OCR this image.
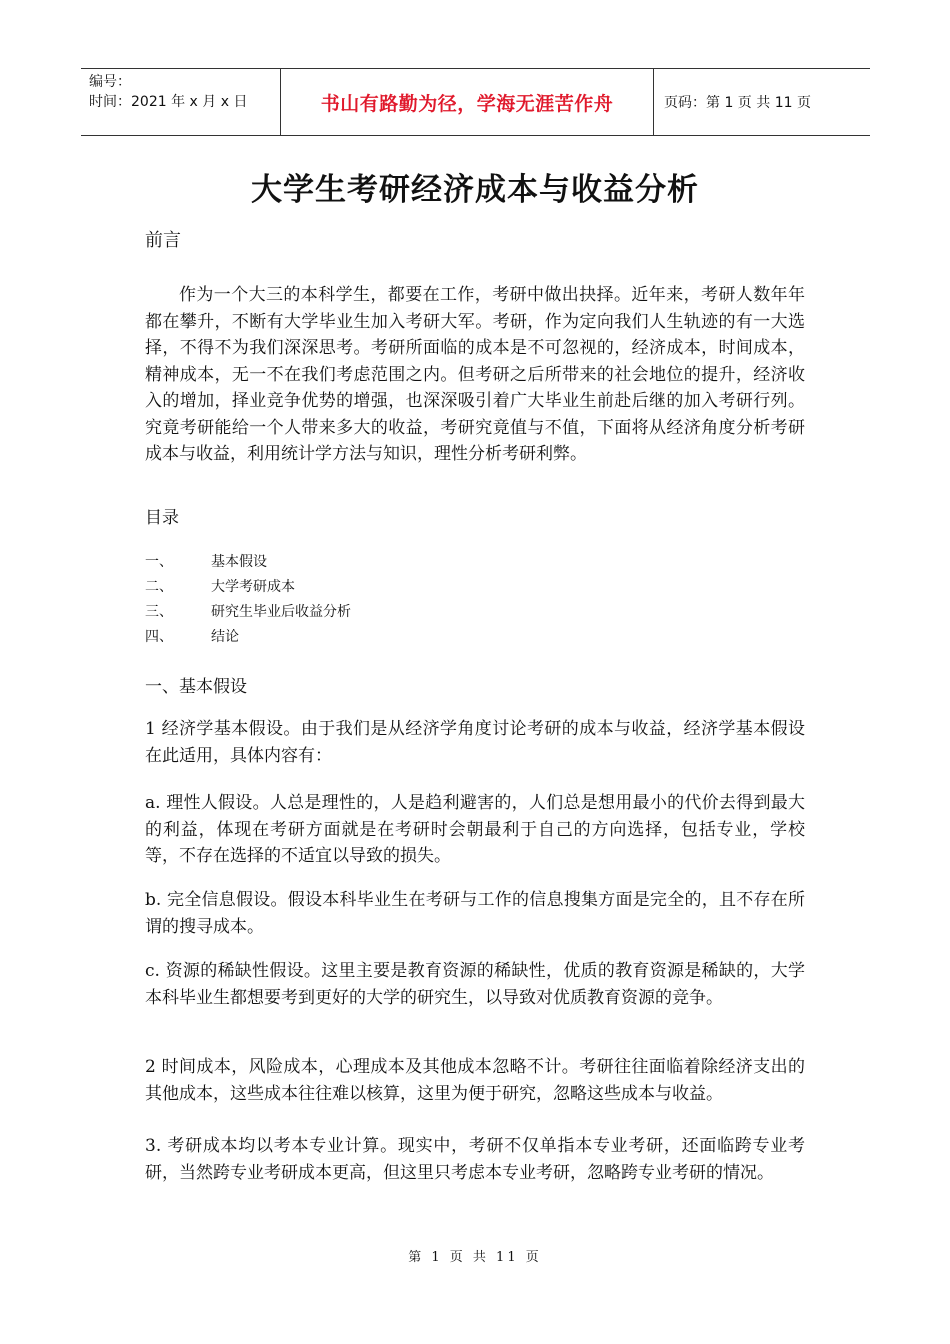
编号：
时间：2021 年 x 月 x 日	书山有路勤为径，学海无涯苦作舟	页码：第 1 页 共 11 页
大学生考研经济成本与收益分析
前言
作为一个大三的本科学生，都要在工作，考研中做出抉择。近年来，考研人数年年都在攀升，不断有大学毕业生加入考研大军。考研，作为定向我们人生轨迹的有一大选择，不得不为我们深深思考。考研所面临的成本是不可忽视的，经济成本，时间成本，精神成本，无一不在我们考虑范围之内。但考研之后所带来的社会地位的提升，经济收入的增加，择业竞争优势的增强，也深深吸引着广大毕业生前赴后继的加入考研行列。究竟考研能给一个人带来多大的收益，考研究竟值与不值，下面将从经济角度分析考研成本与收益，利用统计学方法与知识，理性分析考研利弊。
目录
一、	基本假设
二、	大学考研成本
三、	研究生毕业后收益分析
四、	结论
一、基本假设
1 经济学基本假设。由于我们是从经济学角度讨论考研的成本与收益，经济学基本假设在此适用，具体内容有：
a. 理性人假设。人总是理性的，人是趋利避害的，人们总是想用最小的代价去得到最大的利益，体现在考研方面就是在考研时会朝最利于自己的方向选择，包括专业，学校等，不存在选择的不适宜以导致的损失。
b. 完全信息假设。假设本科毕业生在考研与工作的信息搜集方面是完全的，且不存在所谓的搜寻成本。
c. 资源的稀缺性假设。这里主要是教育资源的稀缺性，优质的教育资源是稀缺的，大学本科毕业生都想要考到更好的大学的研究生，以导致对优质教育资源的竞争。
2 时间成本，风险成本，心理成本及其他成本忽略不计。考研往往面临着除经济支出的其他成本，这些成本往往难以核算，这里为便于研究，忽略这些成本与收益。
3. 考研成本均以考本专业计算。现实中，考研不仅单指本专业考研，还面临跨专业考研，当然跨专业考研成本更高，但这里只考虑本专业考研，忽略跨专业考研的情况。
第 1 页 共 11 页
